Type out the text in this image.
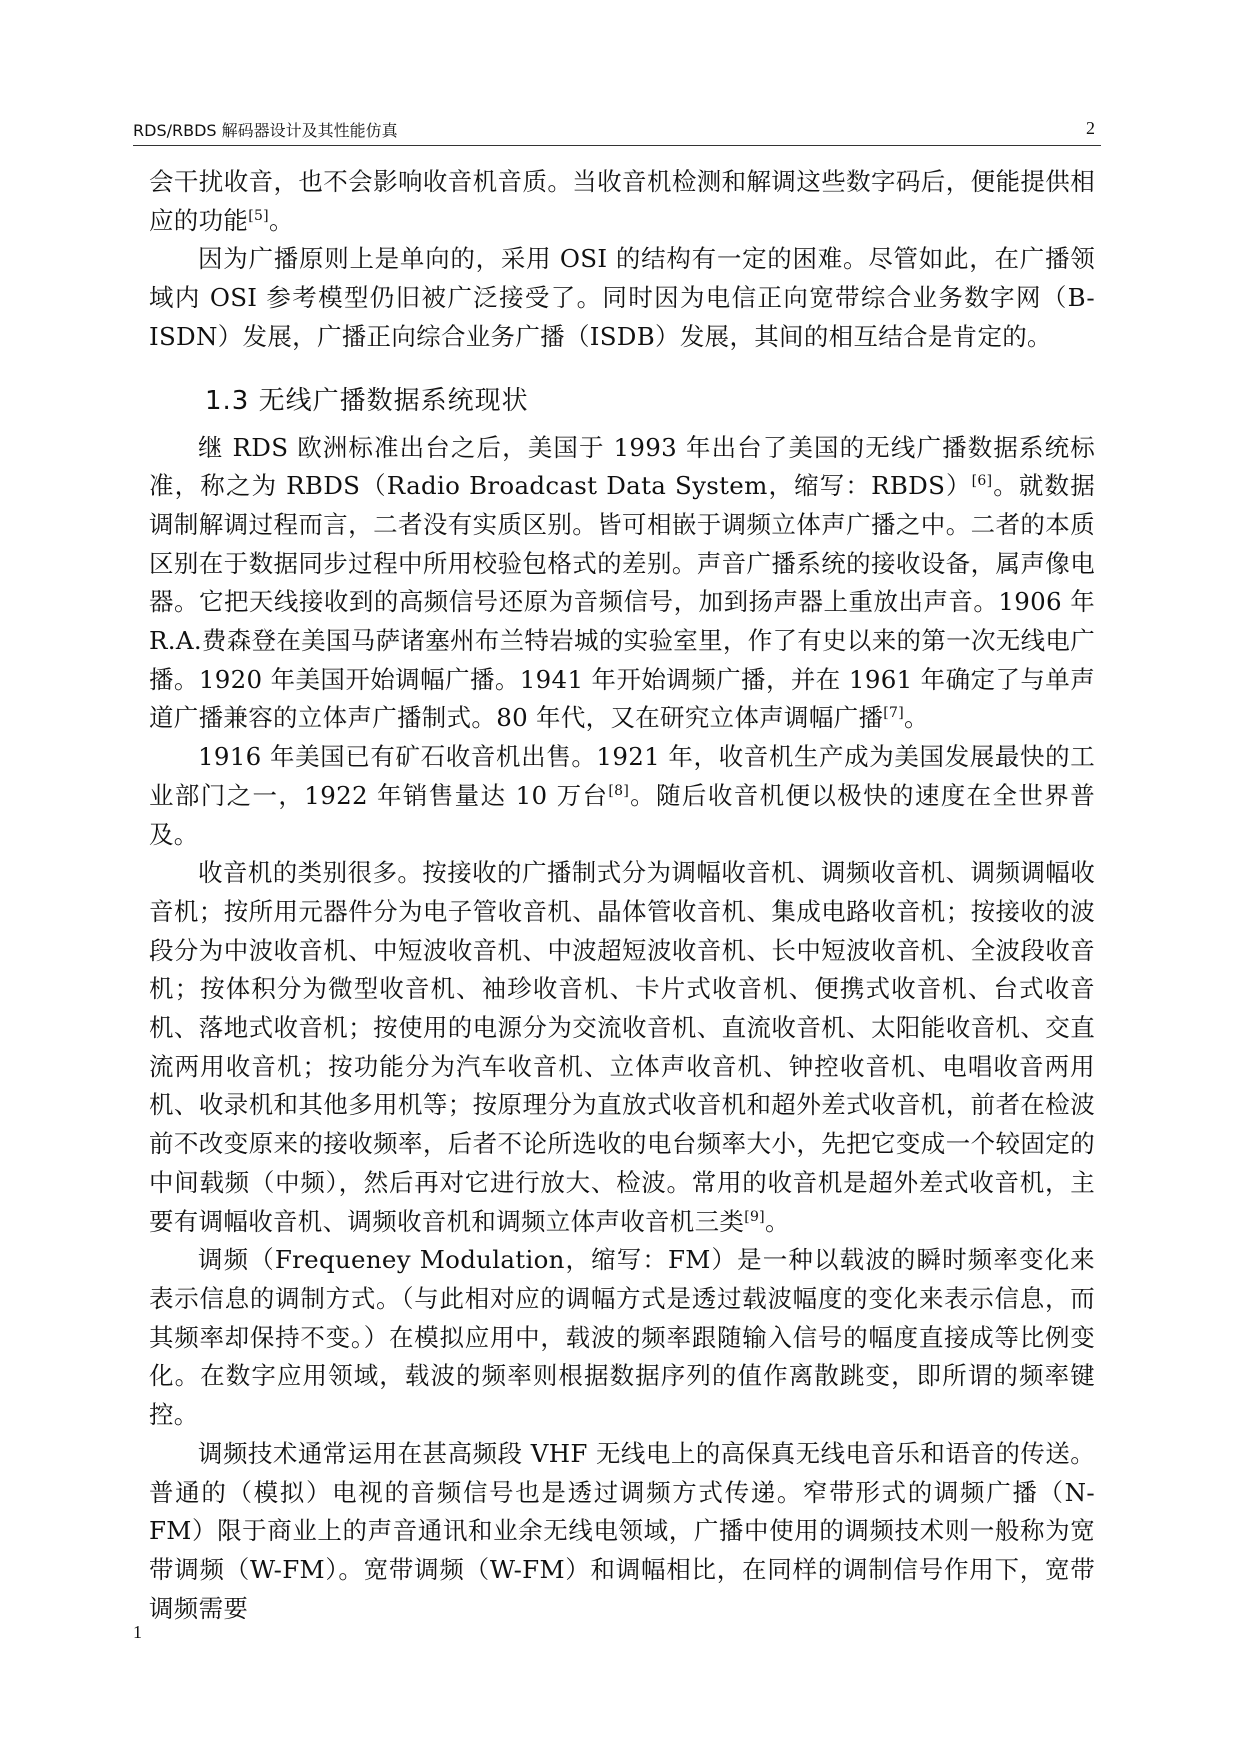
RDS/RBDS 解码器设计及其性能仿真	2

会干扰收音，也不会影响收音机音质。当收音机检测和解调这些数字码后，便能提供相应的功能[5]。

因为广播原则上是单向的，采用 OSI 的结构有一定的困难。尽管如此，在广播领域内 OSI 参考模型仍旧被广泛接受了。同时因为电信正向宽带综合业务数字网（B-ISDN）发展，广播正向综合业务广播（ISDB）发展，其间的相互结合是肯定的。

1.3 无线广播数据系统现状

继 RDS 欧洲标准出台之后，美国于 1993 年出台了美国的无线广播数据系统标准，称之为 RBDS（Radio Broadcast Data System，缩写：RBDS）[6]。就数据调制解调过程而言，二者没有实质区别。皆可相嵌于调频立体声广播之中。二者的本质区别在于数据同步过程中所用校验包格式的差别。声音广播系统的接收设备，属声像电器。它把天线接收到的高频信号还原为音频信号，加到扬声器上重放出声音。1906 年 R.A.费森登在美国马萨诸塞州布兰特岩城的实验室里，作了有史以来的第一次无线电广播。1920 年美国开始调幅广播。1941 年开始调频广播，并在 1961 年确定了与单声道广播兼容的立体声广播制式。80 年代，又在研究立体声调幅广播[7]。

1916 年美国已有矿石收音机出售。1921 年，收音机生产成为美国发展最快的工业部门之一，1922 年销售量达 10 万台[8]。随后收音机便以极快的速度在全世界普及。

收音机的类别很多。按接收的广播制式分为调幅收音机、调频收音机、调频调幅收音机；按所用元器件分为电子管收音机、晶体管收音机、集成电路收音机；按接收的波段分为中波收音机、中短波收音机、中波超短波收音机、长中短波收音机、全波段收音机；按体积分为微型收音机、袖珍收音机、卡片式收音机、便携式收音机、台式收音机、落地式收音机；按使用的电源分为交流收音机、直流收音机、太阳能收音机、交直流两用收音机；按功能分为汽车收音机、立体声收音机、钟控收音机、电唱收音两用机、收录机和其他多用机等；按原理分为直放式收音机和超外差式收音机，前者在检波前不改变原来的接收频率，后者不论所选收的电台频率大小，先把它变成一个较固定的中间载频（中频），然后再对它进行放大、检波。常用的收音机是超外差式收音机，主要有调幅收音机、调频收音机和调频立体声收音机三类[9]。

调频（Frequeney Modulation，缩写：FM）是一种以载波的瞬时频率变化来表示信息的调制方式。（与此相对应的调幅方式是透过载波幅度的变化来表示信息，而其频率却保持不变。）在模拟应用中，载波的频率跟随输入信号的幅度直接成等比例变化。在数字应用领域，载波的频率则根据数据序列的值作离散跳变，即所谓的频率键控。

调频技术通常运用在甚高频段 VHF 无线电上的高保真无线电音乐和语音的传送。普通的（模拟）电视的音频信号也是透过调频方式传递。窄带形式的调频广播（N-FM）限于商业上的声音通讯和业余无线电领域，广播中使用的调频技术则一般称为宽带调频（W-FM）。宽带调频（W-FM）和调幅相比，在同样的调制信号作用下，宽带调频需要

1
